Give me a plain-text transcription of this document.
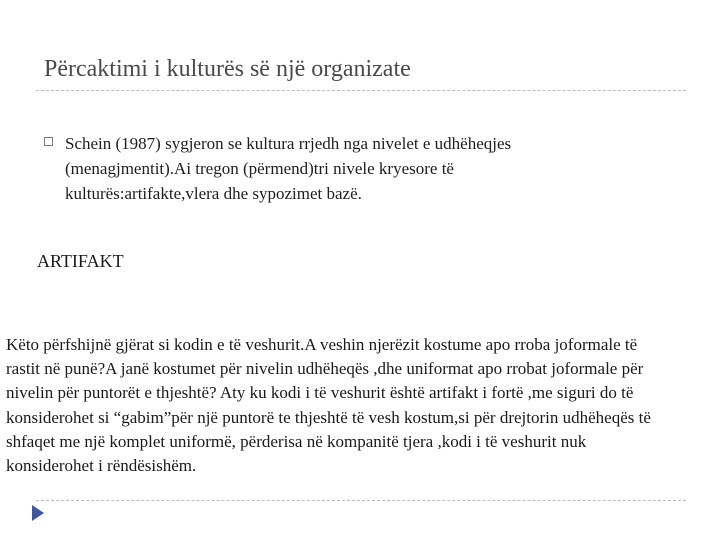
Përcaktimi i kulturës së një organizate
Schein (1987) sygjeron se kultura rrjedh nga nivelet e udhëheqjes (menagjmentit).Ai tregon (përmend)tri nivele kryesore të kulturës:artifakte,vlera dhe sypozimet bazë.
ARTIFAKT

Këto përfshijnë gjërat si kodin e të veshurit.A veshin njerëzit kostume apo rroba joformale të rastit në punë?A janë kostumet për nivelin udhëheqës ,dhe uniformat apo rrobat joformale për nivelin për puntorët e thjeshtë? Aty ku kodi i të veshurit është artifakt i fortë ,me siguri do të konsiderohet si “gabim”për një puntorë te thjeshtë të vesh kostum,si për drejtorin udhëheqës të shfaqet me një komplet uniformë, përderisa në kompanitë tjera ,kodi i të veshurit nuk konsiderohet i rëndësishëm.
